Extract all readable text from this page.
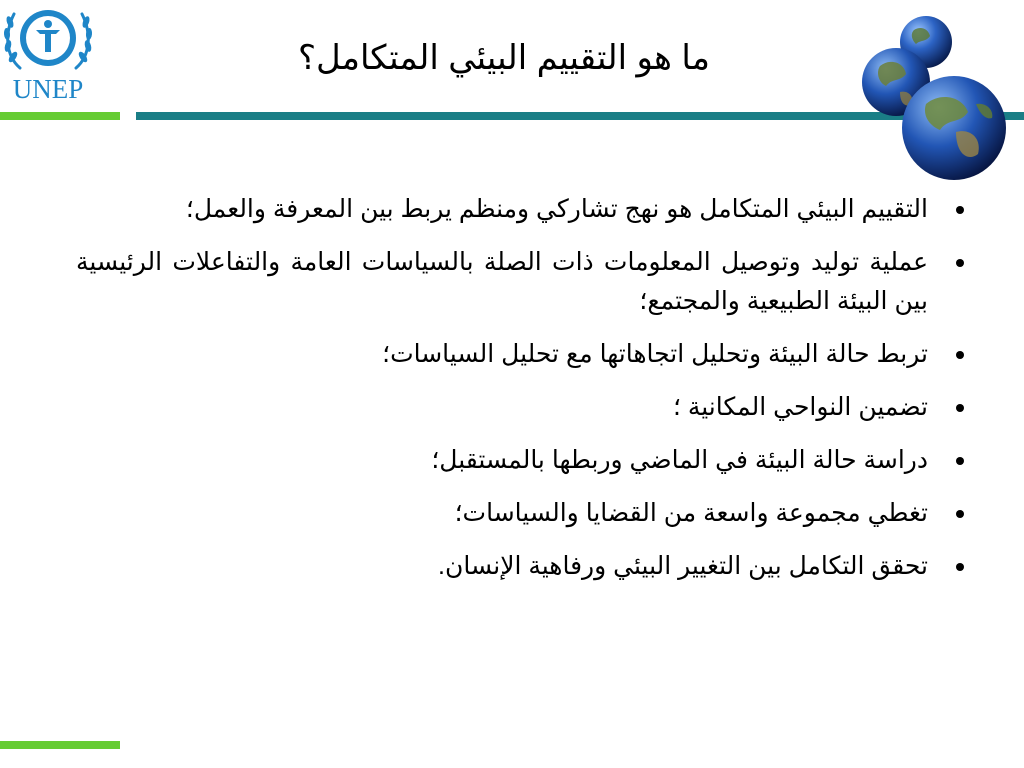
UNEP
ما هو التقييم البيئي المتكامل؟
التقييم البيئي المتكامل هو نهج تشاركي ومنظم يربط بين المعرفة والعمل؛
عملية توليد وتوصيل المعلومات ذات الصلة بالسياسات العامة والتفاعلات الرئيسية بين البيئة الطبيعية والمجتمع؛
تربط حالة البيئة وتحليل اتجاهاتها مع تحليل السياسات؛
تضمين النواحي المكانية ؛
دراسة حالة البيئة في الماضي وربطها بالمستقبل؛
تغطي مجموعة واسعة من القضايا والسياسات؛
تحقق التكامل بين التغيير البيئي ورفاهية الإنسان.
